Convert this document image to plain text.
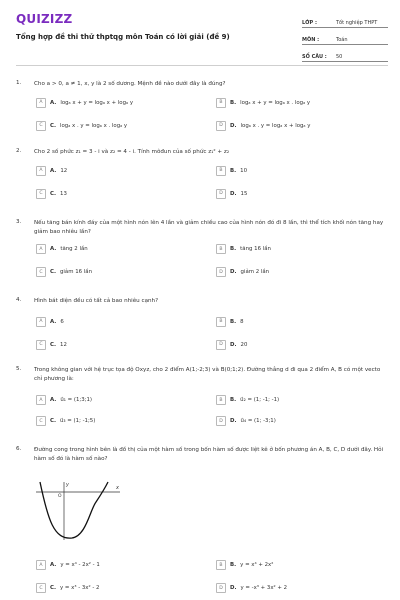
QUIZIZZ
Tổng hợp đề thi thử thptqg môn Toán có lời giải (đề 9)
LỚP :	Tốt nghiệp THPT
MÔN :	Toán
SỐ CÂU :	50
1.	Cho a > 0, a ≠ 1, x, y là 2 số dương. Mệnh đề nào dưới đây là đúng?
A	A. logₐ x + y = logₐ x + logₐ y	B	B. logₐ x + y = logₐ x . logₐ y
C	C. logₐ x . y = logₐ x . logₐ y	D	D. logₐ x . y = logₐ x + logₐ y
2.	Cho 2 số phức z₁ = 3 - i và z₂ = 4 - i. Tính môđun của số phức z₁² + z₂
A	A. 12	B	B. 10
C	C. 13	D	D. 15
3.	Nếu tăng bán kính đáy của một hình nón lên 4 lần và giảm chiều cao của hình nón đó đi 8 lần, thì thể tích khối nón tăng hay giảm bao nhiêu lần?
A	A. tăng 2 lần	B	B. tăng 16 lần
C	C. giảm 16 lần	D	D. giảm 2 lần
4.	Hình bát diện đều có tất cả bao nhiêu cạnh?
A	A. 6	B	B. 8
C	C. 12	D	D. 20
5.	Trong không gian với hệ trục tọa độ Oxyz, cho 2 điểm A(1;-2;3) và B(0;1;2). Đường thẳng d đi qua 2 điểm A, B có một vecto chỉ phương là:
A	A. u⃗₁ = (1;3;1)	B	B. u⃗₂ = (1; -1; -1)
C	C. u⃗₃ = (1; -1;5)	D	D. u⃗₄ = (1; -3;1)
6.	Đường cong trong hình bên là đồ thị của một hàm số trong bốn hàm số được liệt kê ở bốn phương án A, B, C, D dưới đây. Hỏi hàm số đó là hàm số nào?
x
y
O
A	A. y = x⁴ - 2x² - 1	B	B. y = x⁴ + 2x²
C	C. y = x³ - 3x² - 2	D	D. y = -x³ + 3x² + 2
